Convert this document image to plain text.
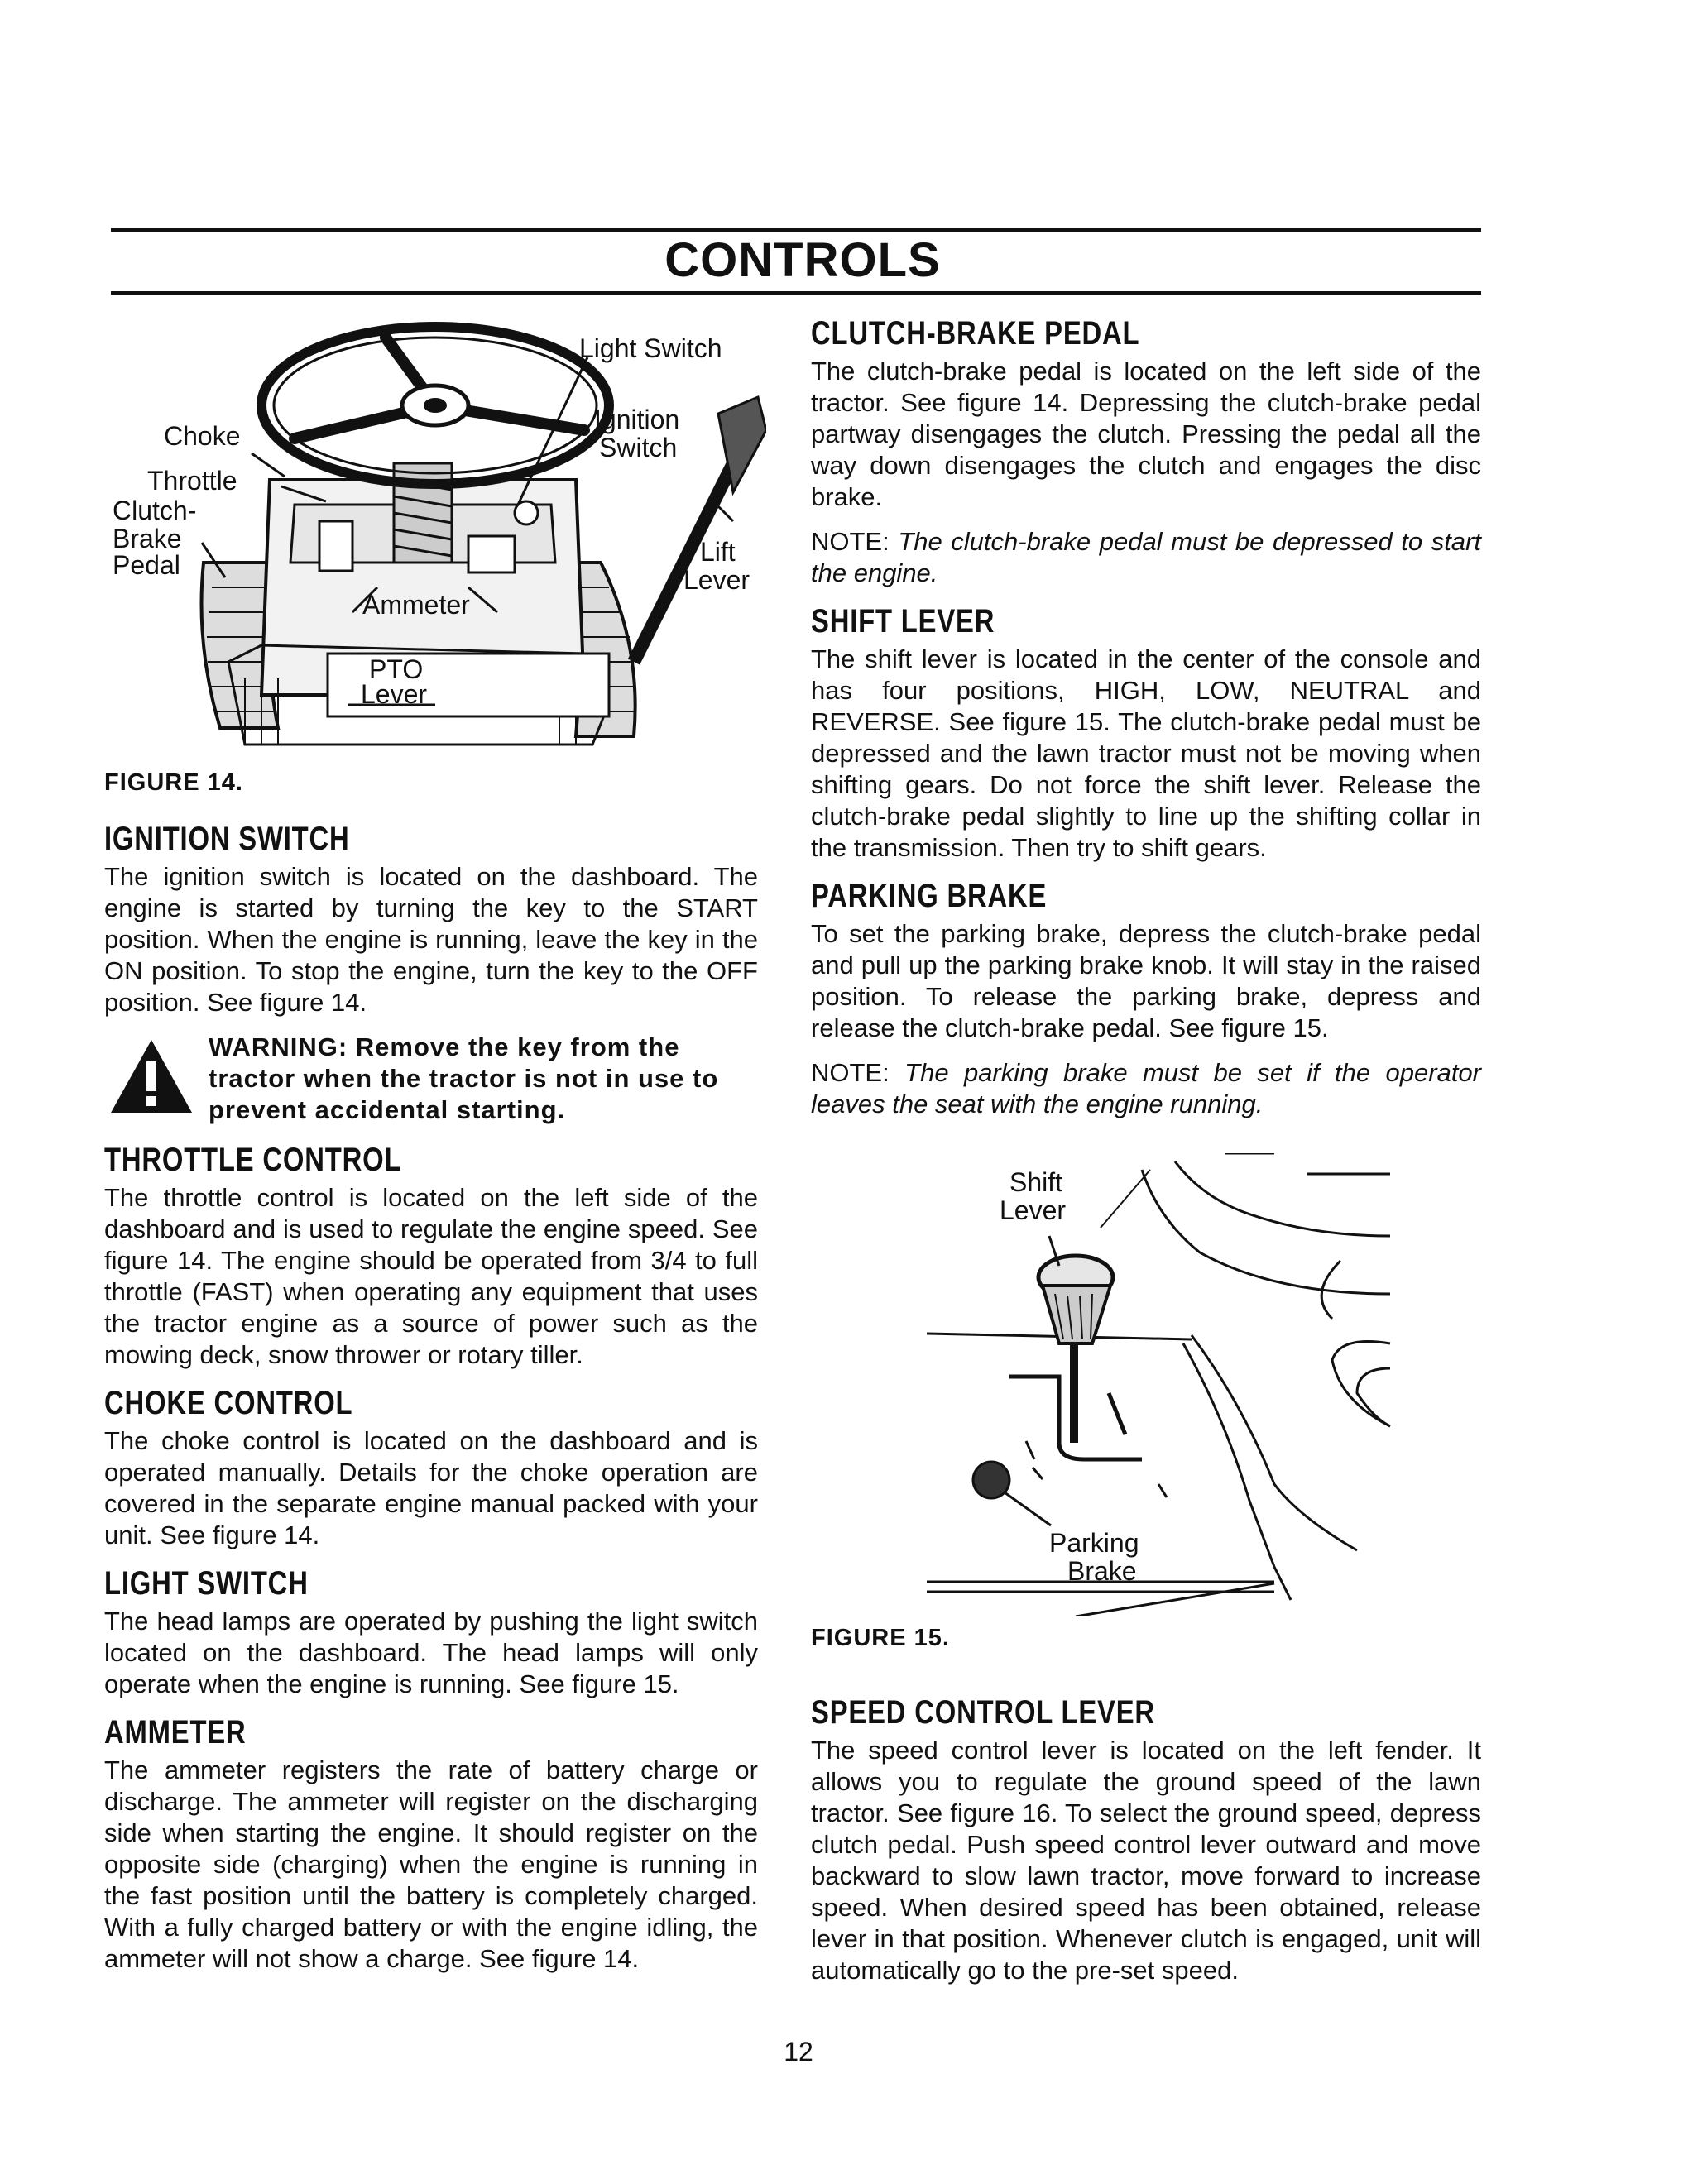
CONTROLS
Light Switch
Ignition
Switch
Choke
Throttle
Clutch-
Brake
Pedal	Lift
Lever
Ammeter
PTO
Lever
FIGURE 14.
IGNITION SWITCH

The ignition switch is located on the dashboard. The engine is started by turning the key to the START position. When the engine is running, leave the key in the ON position. To stop the engine, turn the key to the OFF position. See figure 14.

WARNING: Remove the key from the tractor when the tractor is not in use to prevent accidental starting.

THROTTLE CONTROL

The throttle control is located on the left side of the dashboard and is used to regulate the engine speed. See figure 14. The engine should be operated from 3/4 to full throttle (FAST) when operating any equipment that uses the tractor engine as a source of power such as the mowing deck, snow thrower or rotary tiller.

CHOKE CONTROL

The choke control is located on the dashboard and is operated manually. Details for the choke operation are covered in the separate engine manual packed with your unit. See figure 14.

LIGHT SWITCH

The head lamps are operated by pushing the light switch located on the dashboard. The head lamps will only operate when the engine is running. See figure 15.

AMMETER

The ammeter registers the rate of battery charge or discharge. The ammeter will register on the discharging side when starting the engine. It should register on the opposite side (charging) when the engine is running in the fast position until the battery is completely charged. With a fully charged battery or with the engine idling, the ammeter will not show a charge. See figure 14.

CLUTCH-BRAKE PEDAL

The clutch-brake pedal is located on the left side of the tractor. See figure 14. Depressing the clutch-brake pedal partway disengages the clutch. Pressing the pedal all the way down disengages the clutch and engages the disc brake.

NOTE: The clutch-brake pedal must be depressed to start the engine.

SHIFT LEVER

The shift lever is located in the center of the console and has four positions, HIGH, LOW, NEUTRAL and REVERSE. See figure 15. The clutch-brake pedal must be depressed and the lawn tractor must not be moving when shifting gears. Do not force the shift lever. Release the clutch-brake pedal slightly to line up the shifting collar in the transmission. Then try to shift gears.

PARKING BRAKE

To set the parking brake, depress the clutch-brake pedal and pull up the parking brake knob. It will stay in the raised position. To release the parking brake, depress and release the clutch-brake pedal. See figure 15.

NOTE: The parking brake must be set if the operator leaves the seat with the engine running.

Shift
Lever
Parking
Brake
FIGURE 15.
SPEED CONTROL LEVER

The speed control lever is located on the left fender. It allows you to regulate the ground speed of the lawn tractor. See figure 16. To select the ground speed, depress clutch pedal. Push speed control lever outward and move backward to slow lawn tractor, move forward to increase speed. When desired speed has been obtained, release lever in that position. Whenever clutch is engaged, unit will automatically go to the pre-set speed.

12
